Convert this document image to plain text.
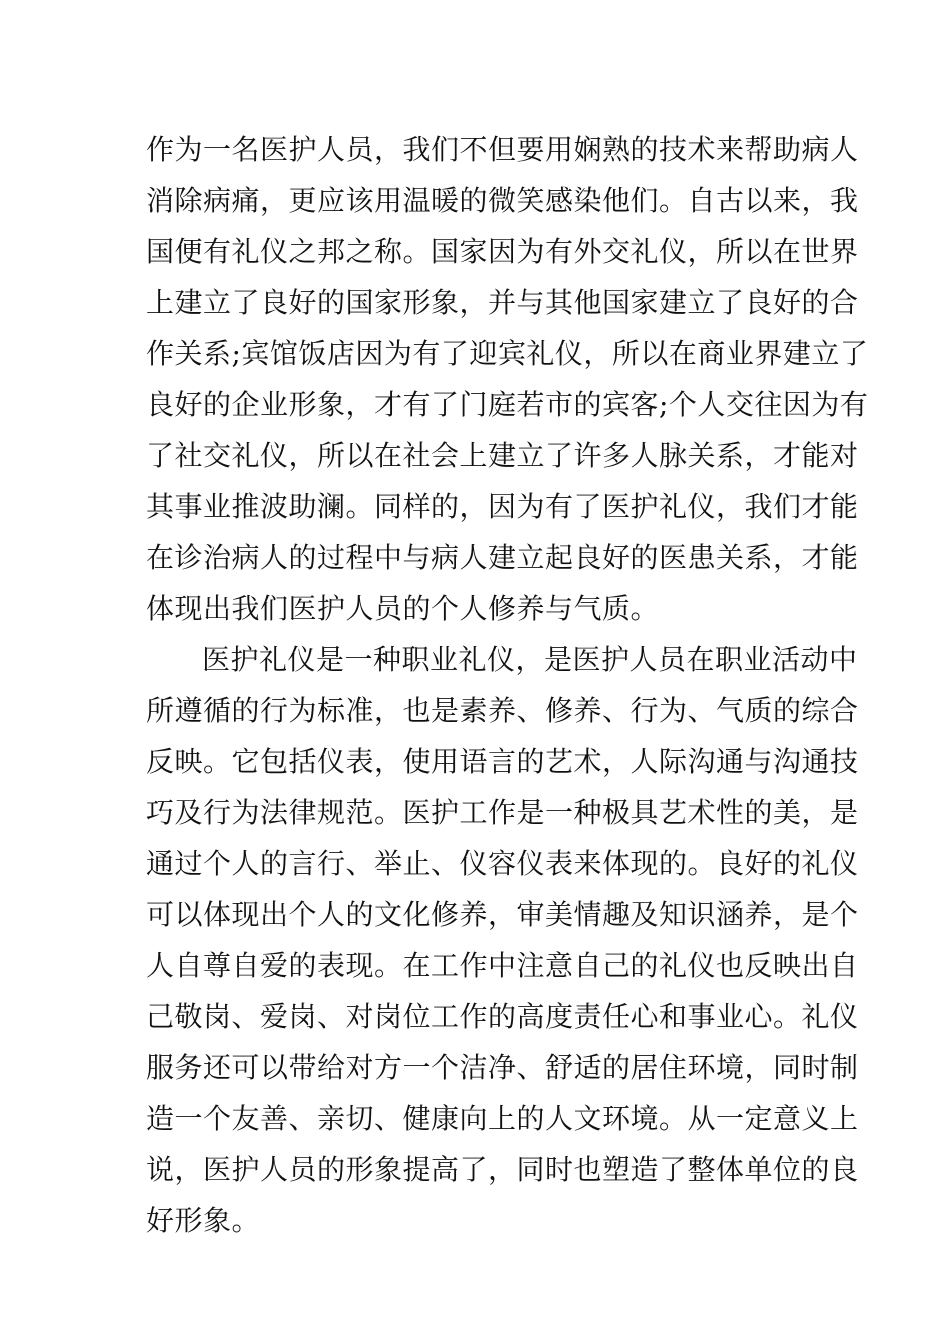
作为一名医护人员，我们不但要用娴熟的技术来帮助病人
消除病痛，更应该用温暖的微笑感染他们。自古以来，我
国便有礼仪之邦之称。国家因为有外交礼仪，所以在世界
上建立了良好的国家形象，并与其他国家建立了良好的合
作关系;宾馆饭店因为有了迎宾礼仪，所以在商业界建立了
良好的企业形象，才有了门庭若市的宾客;个人交往因为有
了社交礼仪，所以在社会上建立了许多人脉关系，才能对
其事业推波助澜。同样的，因为有了医护礼仪，我们才能
在诊治病人的过程中与病人建立起良好的医患关系，才能
体现出我们医护人员的个人修养与气质。

医护礼仪是一种职业礼仪，是医护人员在职业活动中
所遵循的行为标准，也是素养、修养、行为、气质的综合
反映。它包括仪表，使用语言的艺术，人际沟通与沟通技
巧及行为法律规范。医护工作是一种极具艺术性的美，是
通过个人的言行、举止、仪容仪表来体现的。良好的礼仪
可以体现出个人的文化修养，审美情趣及知识涵养，是个
人自尊自爱的表现。在工作中注意自己的礼仪也反映出自
己敬岗、爱岗、对岗位工作的高度责任心和事业心。礼仪
服务还可以带给对方一个洁净、舒适的居住环境，同时制
造一个友善、亲切、健康向上的人文环境。从一定意义上
说，医护人员的形象提高了，同时也塑造了整体单位的良
好形象。
